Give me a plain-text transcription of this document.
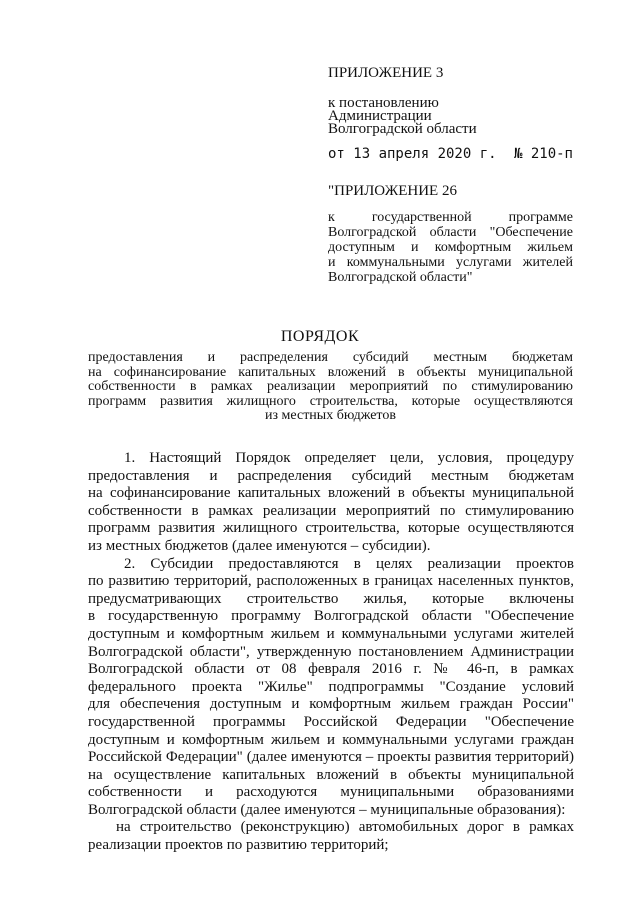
ПРИЛОЖЕНИЕ 3
к постановлению
Администрации
Волгоградской области
от 13 апреля 2020 г. № 210-п
"ПРИЛОЖЕНИЕ 26
к государственной программе
Волгоградской области "Обеспечение
доступным и комфортным жильем
и коммунальными услугами жителей
Волгоградской области"
ПОРЯДОК
предоставления и распределения субсидий местным бюджетам
на софинансирование капитальных вложений в объекты муниципальной
собственности в рамках реализации мероприятий по стимулированию
программ развития жилищного строительства, которые осуществляются
из местных бюджетов
1. Настоящий Порядок определяет цели, условия, процедуру
предоставления и распределения субсидий местным бюджетам
на софинансирование капитальных вложений в объекты муниципальной
собственности в рамках реализации мероприятий по стимулированию
программ развития жилищного строительства, которые осуществляются
из местных бюджетов (далее именуются – субсидии).
2. Субсидии предоставляются в целях реализации проектов
по развитию территорий, расположенных в границах населенных пунктов,
предусматривающих строительство жилья, которые включены
в государственную программу Волгоградской области "Обеспечение
доступным и комфортным жильем и коммунальными услугами жителей
Волгоградской области", утвержденную постановлением Администрации
Волгоградской области от 08 февраля 2016 г. № 46-п, в рамках
федерального проекта "Жилье" подпрограммы "Создание условий
для обеспечения доступным и комфортным жильем граждан России"
государственной программы Российской Федерации "Обеспечение
доступным и комфортным жильем и коммунальными услугами граждан
Российской Федерации" (далее именуются – проекты развития территорий)
на осуществление капитальных вложений в объекты муниципальной
собственности и расходуются муниципальными образованиями
Волгоградской области (далее именуются – муниципальные образования):
на строительство (реконструкцию) автомобильных дорог в рамках
реализации проектов по развитию территорий;
